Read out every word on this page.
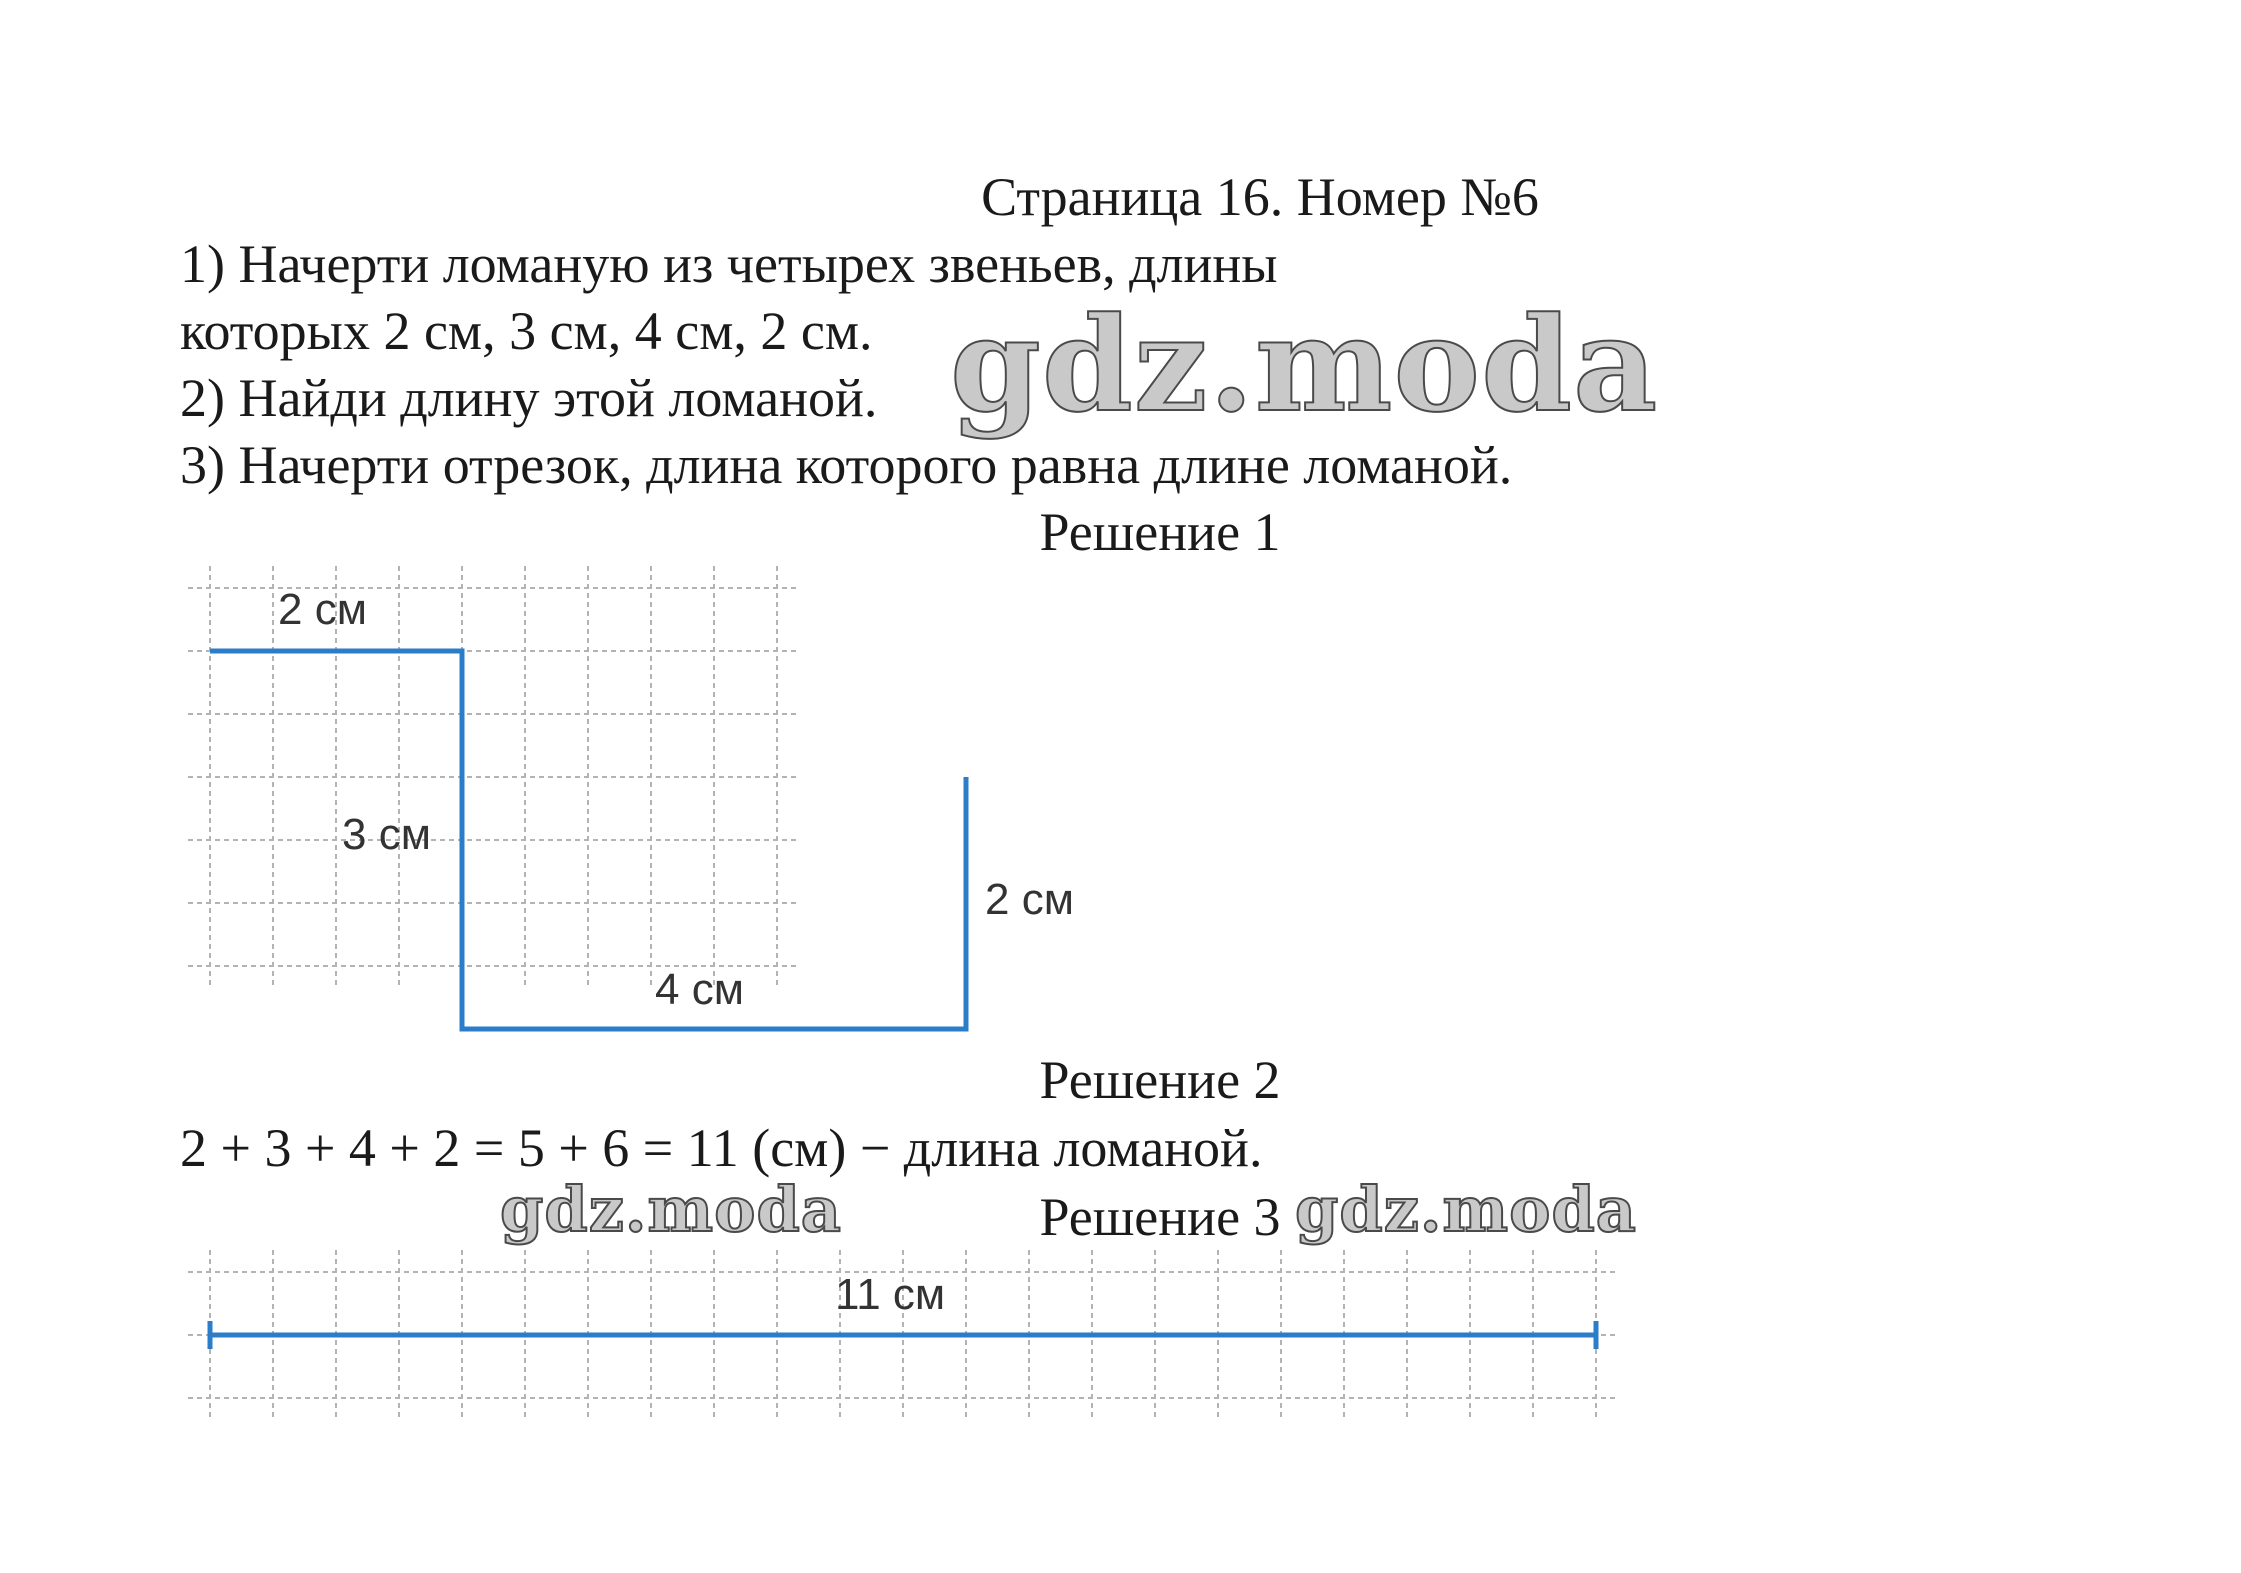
Страница 16. Номер №6
1) Начерти ломаную из четырех звеньев, длины
которых 2 см, 3 см, 4 см, 2 см.
2) Найди длину этой ломаной.
3) Начерти отрезок, длина которого равна длине ломаной.
gdz.moda
Решение 1
2 см
3 см
4 см
2 см
Решение 2
2 + 3 + 4 + 2 = 5 + 6 = 11 (см) − длина ломаной.
gdz.moda	Решение 3 gdz.moda
11 см
